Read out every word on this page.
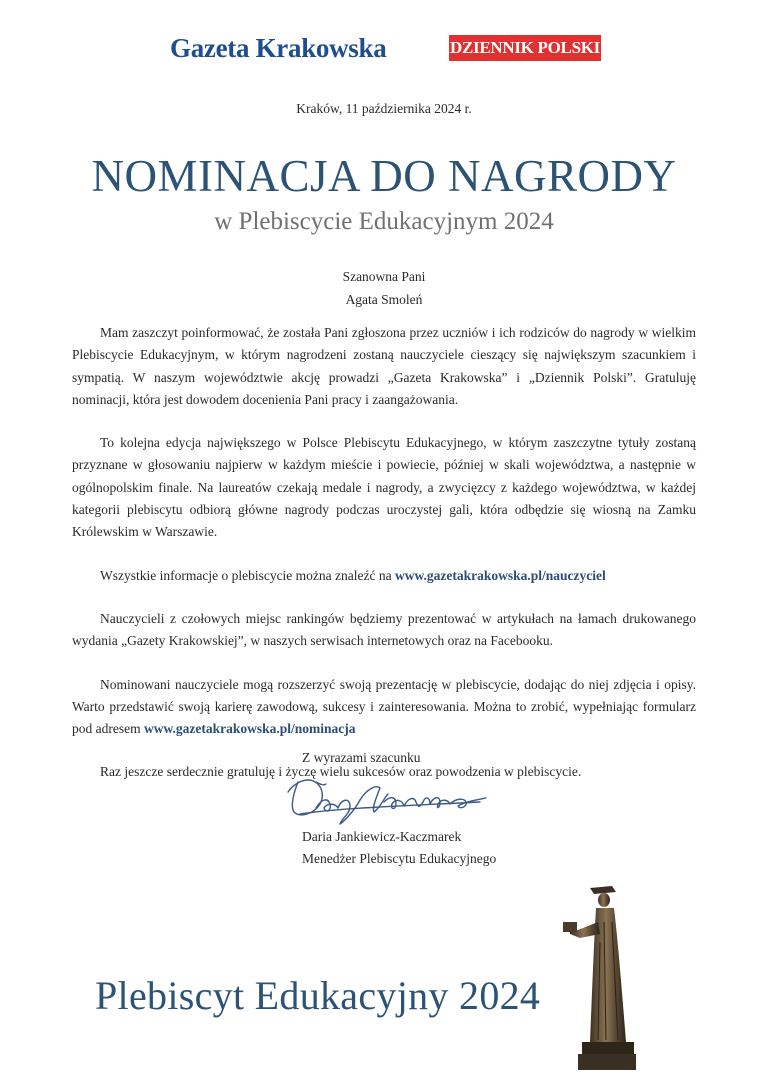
Gazeta Krakowska	DZIENNIK POLSKI
Kraków, 11 października 2024 r.
NOMINACJA DO NAGRODY
w Plebiscycie Edukacyjnym 2024
Szanowna Pani
Agata Smoleń

Mam zaszczyt poinformować, że została Pani zgłoszona przez uczniów i ich rodziców do nagrody w wielkim Plebiscycie Edukacyjnym, w którym nagrodzeni zostaną nauczyciele cieszący się największym szacunkiem i sympatią. W naszym województwie akcję prowadzi „Gazeta Krakowska” i „Dziennik Polski”. Gratuluję nominacji, która jest dowodem docenienia Pani pracy i zaangażowania.

To kolejna edycja największego w Polsce Plebiscytu Edukacyjnego, w którym zaszczytne tytuły zostaną przyznane w głosowaniu najpierw w każdym mieście i powiecie, później w skali województwa, a następnie w ogólnopolskim finale. Na laureatów czekają medale i nagrody, a zwycięzcy z każdego województwa, w każdej kategorii plebiscytu odbiorą główne nagrody podczas uroczystej gali, która odbędzie się wiosną na Zamku Królewskim w Warszawie.

Wszystkie informacje o plebiscycie można znaleźć na www.gazetakrakowska.pl/nauczyciel

Nauczycieli z czołowych miejsc rankingów będziemy prezentować w artykułach na łamach drukowanego wydania „Gazety Krakowskiej”, w naszych serwisach internetowych oraz na Facebooku.

Nominowani nauczyciele mogą rozszerzyć swoją prezentację w plebiscycie, dodając do niej zdjęcia i opisy. Warto przedstawić swoją karierę zawodową, sukcesy i zainteresowania. Można to zrobić, wypełniając formularz pod adresem www.gazetakrakowska.pl/nominacja

Raz jeszcze serdecznie gratuluję i życzę wielu sukcesów oraz powodzenia w plebiscycie.

Z wyrazami szacunku
Daria Jankiewicz-Kaczmarek
Menedżer Plebiscytu Edukacyjnego
Plebiscyt Edukacyjny 2024
